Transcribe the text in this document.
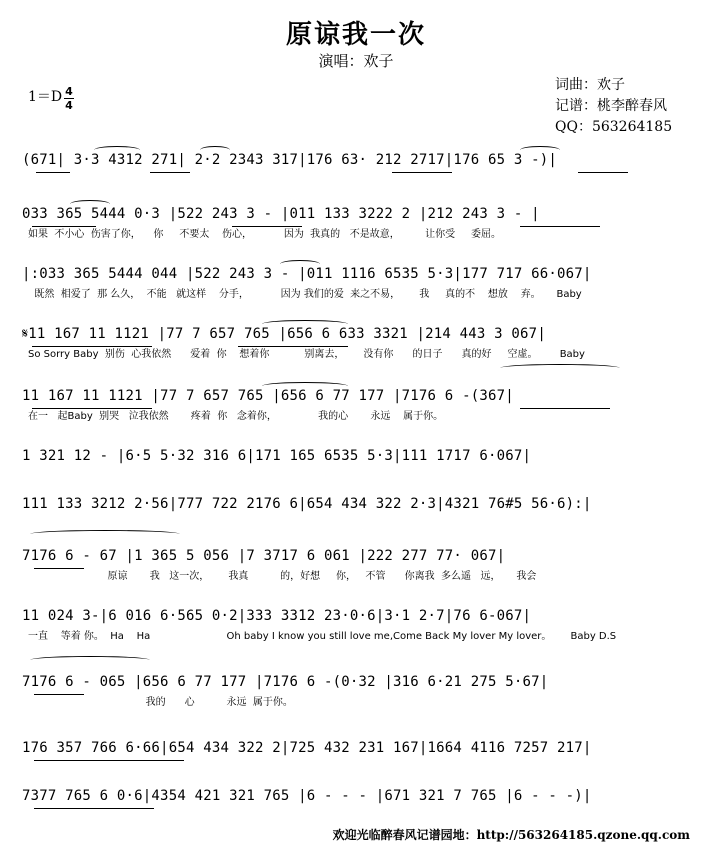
原谅我一次
演唱：欢子
词曲：欢子
记谱：桃李醉春风
QQ：563264185
1＝D 4
4
(671| 3·3 4312 271| 2·2 2343 317|176 63· 212 2717|176 65 3 -)|
033 365 5444 0·3 |522 243 3 - |011 133 3222 2 |212 243 3 - |
如果  不小心  伤害了你，    你     不要太    伤心，          因为  我真的   不是故意，        让你受     委屈。
|:033 365 5444 044 |522 243 3 - |011 1116 6535 5·3|177 717 66·067|
既然  相爱了  那 么久，  不能   就这样    分手，          因为 我们的爱  来之不易，      我     真的不    想放    弃。     Baby
𝄋11 167 11 1121 |77 7 657 765 |656 6 633 3321 |214 443 3 067|
So Sorry Baby  别伤  心我依然      爱着  你    想着你           别离去，      没有你      的日子      真的好     空虚。       Baby
11 167 11 1121 |77 7 657 765 |656 6 77 177 |7176 6 -(367|
在一   起Baby  别哭   泣我依然       疼着  你   念着你，             我的心       永远    属于你。
1 321 12 - |6·5 5·32 316 6|171 165 6535 5·3|111 1717 6·067|
111 133 3212 2·56|777 722 2176 6|654 434 322 2·3|4321 76#5 56·6):|
7176 6 - 67 |1 365 5 056 |7 3717 6 061 |222 277 77· 067|
原谅       我   这一次，      我真          的，好想     你，   不管      你离我  多么遥   远，     我会
11 024 3-|6 016 6·565 0·2|333 3312 23·0·6|3·1 2·7|76 6-067|
一直    等着 你。  Ha    Ha                        Oh baby I know you still love me,Come Back My lover My lover。      Baby D.S
7176 6 - 065 |656 6 77 177 |7176 6 -(0·32 |316 6·21 275 5·67|
我的      心          永远  属于你。
176 357 766 6·66|654 434 322 2|725 432 231 167|1664 4116 7257 217|
7377 765 6 0·6|4354 421 321 765 |6 - - - |671 321 7 765 |6 - - -)|
欢迎光临醉春风记谱园地：http://563264185.qzone.qq.com
